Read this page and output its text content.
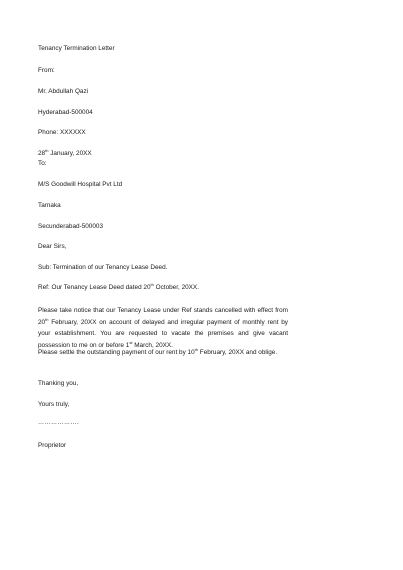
Tenancy Termination Letter
From:
Mr. Abdullah Qazi
Hyderabad-500004
Phone: XXXXXX
28th January, 20XX
To:
M/S Goodwill Hospital Pvt Ltd
Tarnaka
Secunderabad-500003
Dear Sirs,
Sub: Termination of our Tenancy Lease Deed.
Ref: Our Tenancy Lease Deed dated 20th October, 20XX.
Please take notice that our Tenancy Lease under Ref stands cancelled with effect from 20th February, 20XX on account of delayed and irregular payment of monthly rent by your establishment. You are requested to vacate the premises and give vacant possession to me on or before 1st March, 20XX.
Please settle the outstanding payment of our rent by 10th February, 20XX and oblige.
Thanking you,
Yours truly,
……………….
Proprietor
